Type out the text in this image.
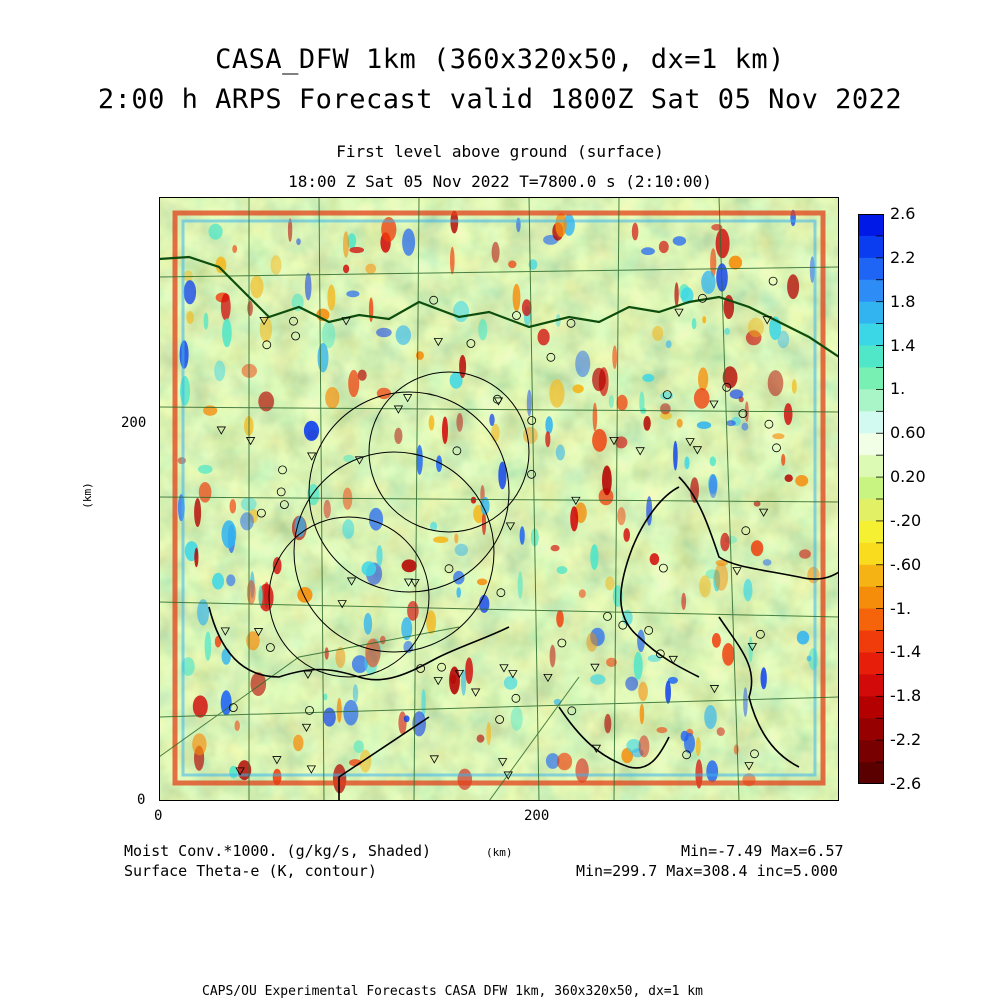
CASA_DFW 1km (360x320x50, dx=1 km)
2:00 h ARPS Forecast valid 1800Z Sat 05 Nov 2022
First level above ground (surface)
18:00 Z Sat 05 Nov 2022 T=7800.0 s (2:10:00)
200
0
0	200
(km)
2.6
2.2
1.8
1.4
1.
0.60
0.20
-.20
-.60
-1.
-1.4
-1.8
-2.2
-2.6
Moist Conv.*1000. (g/kg/s, Shaded)
Surface Theta-e (K, contour)
(km)	Min=-7.49 Max=6.57
Min=299.7 Max=308.4 inc=5.000
CAPS/OU Experimental Forecasts CASA DFW 1km, 360x320x50, dx=1 km
